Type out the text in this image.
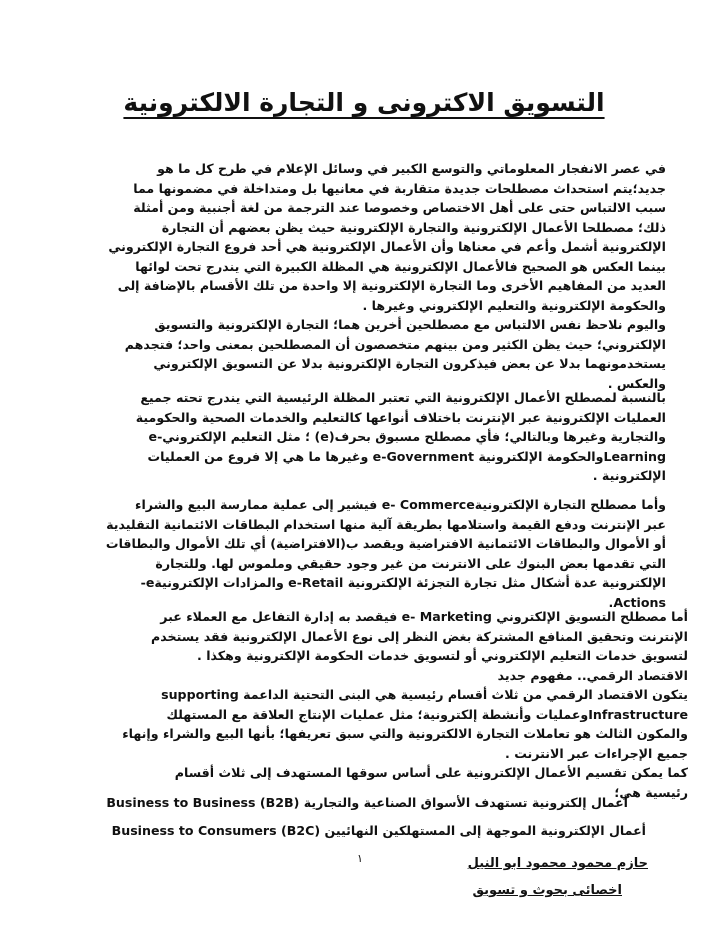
التسويق الاكترونى و التجارة الالكترونية
في عصر الانفجار المعلوماتي والتوسع الكبير في وسائل الإعلام في طرح كل ما هو
جديد؛يتم استحداث مصطلحات جديدة متقاربة في معانيها بل ومتداخلة في مضمونها مما
سبب الالتباس حتى على أهل الاختصاص وخصوصا عند الترجمة من لغة أجنبية ومن أمثلة
ذلك؛ مصطلحا الأعمال الإلكترونية والتجارة الإلكترونية حيث يظن بعضهم أن التجارة
الإلكترونية أشمل وأعم في معناها وأن الأعمال الإلكترونية هي أحد فروع التجارة الإلكتروني
بينما العكس هو الصحيح فالأعمال الإلكترونية هي المظلة الكبيرة التي يندرج تحت لوائها
العديد من المفاهيم الأخرى وما التجارة الإلكترونية إلا واحدة من تلك الأقسام بالإضافة إلى
والحكومة الإلكترونية والتعليم الإلكتروني وغيرها .
واليوم نلاحظ نفس الالتباس مع مصطلحين أخرين هما؛ التجارة الإلكترونية والتسويق
الإلكتروني؛ حيث يظن الكثير ومن بينهم متخصصون أن المصطلحين بمعنى واحد؛ فتجدهم
يستخدمونهما بدلا عن بعض فيذكرون التجارة الإلكترونية بدلا عن التسويق الإلكتروني
والعكس .
بالنسبة لمصطلح الأعمال الإلكترونية التي تعتبر المظلة الرئيسية التي يندرج تحته جميع
العمليات الإلكترونية عبر الإنترنت باختلاف أنواعها كالتعليم والخدمات الصحية والحكومية
والتجارية وغيرها وبالتالي؛ فأي مصطلح مسبوق بحرف(e) ؛ مثل التعليم الإلكتروني-e
Learningوالحكومة الإلكترونية e-Government وغيرها ما هي إلا فروع من العمليات
الإلكترونية .
وأما مصطلح التجارة الإلكترونيةe- Commerce فيشير إلى عملية ممارسة البيع والشراء
عبر الإنترنت ودفع القيمة واستلامها بطريقة آلية منها استخدام البطاقات الائتمانية التقليدية
أو الأموال والبطاقات الائتمانية الافتراضية ويقصد ب(الافتراضية) أي تلك الأموال والبطاقات
التي تقدمها بعض البنوك على الانترنت من غير وجود حقيقي وملموس لها. وللتجارة
الإلكترونية عدة أشكال مثل تجارة التجزئة الإلكترونية e-Retail والمزادات الإلكترونيةe-
Actions.
أما مصطلح التسويق الإلكتروني e- Marketing فيقصد به إدارة التفاعل مع العملاء عبر
الإنترنت وتحقيق المنافع المشتركة بغض النظر إلى نوع الأعمال الإلكترونية فقد يستخدم
لتسويق خدمات التعليم الإلكتروني أو لتسويق خدمات الحكومة الإلكترونية وهكذا .
الاقتصاد الرقمي.. مفهوم جديد
يتكون الاقتصاد الرقمي من ثلاث أقسام رئيسية هي البنى التحتية الداعمة supporting
Infrastructureوعمليات وأنشطة إلكترونية؛ مثل عمليات الإنتاج العلاقة مع المستهلك
والمكون الثالث هو تعاملات التجارة الالكترونية والتي سبق تعريفها؛ بأنها البيع والشراء وإنهاء
جميع الإجراءات عبر الانترنت .
كما يمكن تقسيم الأعمال الإلكترونية على أساس سوقها المستهدف إلى ثلاث أقسام
رئيسية هي؛
أعمال إلكترونية تستهدف الأسواق الصناعية والتجارية Business to Business (B2B)
أعمال الإلكترونية الموجهة إلى المستهلكين النهائيين Business to Consumers (B2C)
١	حازم محمود محمود ابو النيل
اخصائى بحوث و تسويق
